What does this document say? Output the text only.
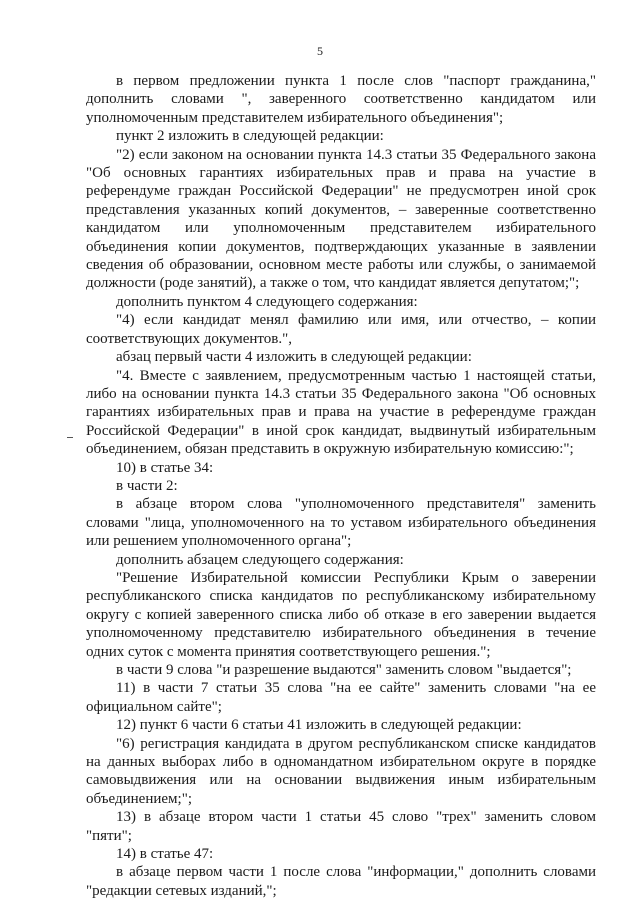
5

в первом предложении пункта 1 после слов "паспорт гражданина," дополнить словами ", заверенного соответственно кандидатом или уполномоченным представителем избирательного объединения";

пункт 2 изложить в следующей редакции:

"2) если законом на основании пункта 14.3 статьи 35 Федерального закона "Об основных гарантиях избирательных прав и права на участие в референдуме граждан Российской Федерации" не предусмотрен иной срок представления указанных копий документов, – заверенные соответственно кандидатом или уполномоченным представителем избирательного объединения копии документов, подтверждающих указанные в заявлении сведения об образовании, основном месте работы или службы, о занимаемой должности (роде занятий), а также о том, что кандидат является депутатом;";

дополнить пунктом 4 следующего содержания:

"4) если кандидат менял фамилию или имя, или отчество, – копии соответствующих документов.",

абзац первый части 4 изложить в следующей редакции:

"4. Вместе с заявлением, предусмотренным частью 1 настоящей статьи, либо на основании пункта 14.3 статьи 35 Федерального закона "Об основных гарантиях избирательных прав и права на участие в референдуме граждан Российской Федерации" в иной срок кандидат, выдвинутый избирательным объединением, обязан представить в окружную избирательную комиссию:";

10) в статье 34:

в части 2:

в абзаце втором слова "уполномоченного представителя" заменить словами "лица, уполномоченного на то уставом избирательного объединения или решением уполномоченного органа";

дополнить абзацем следующего содержания:

"Решение Избирательной комиссии Республики Крым о заверении республиканского списка кандидатов по республиканскому избирательному округу с копией заверенного списка либо об отказе в его заверении выдается уполномоченному представителю избирательного объединения в течение одних суток с момента принятия соответствующего решения.";

в части 9 слова "и разрешение выдаются" заменить словом "выдается";

11) в части 7 статьи 35 слова "на ее сайте" заменить словами "на ее официальном сайте";

12) пункт 6 части 6 статьи 41 изложить в следующей редакции:

"6) регистрация кандидата в другом республиканском списке кандидатов на данных выборах либо в одномандатном избирательном округе в порядке самовыдвижения или на основании выдвижения иным избирательным объединением;";

13) в абзаце втором части 1 статьи 45 слово "трех" заменить словом "пяти";

14) в статье 47:

в абзаце первом части 1 после слова "информации," дополнить словами "редакции сетевых изданий,";
